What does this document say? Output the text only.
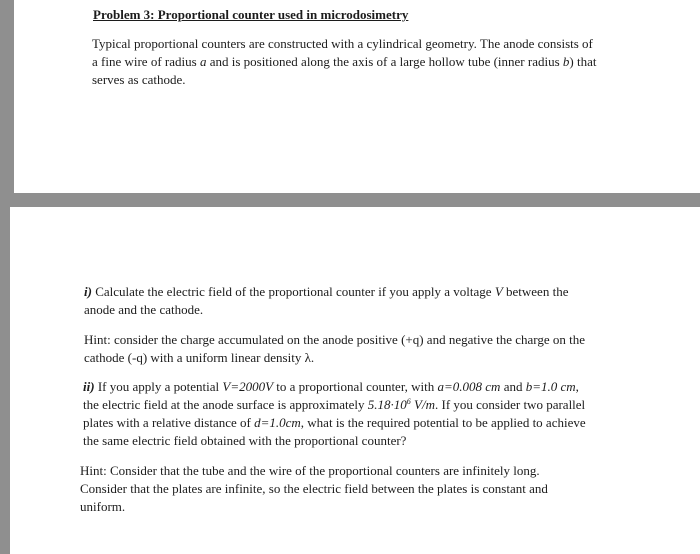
Problem 3: Proportional counter used in microdosimetry

Typical proportional counters are constructed with a cylindrical geometry. The anode consists of
a fine wire of radius a and is positioned along the axis of a large hollow tube (inner radius b) that
serves as cathode.

i) Calculate the electric field of the proportional counter if you apply a voltage V between the
anode and the cathode.

Hint: consider the charge accumulated on the anode positive (+q) and negative the charge on the
cathode (-q) with a uniform linear density λ.

ii) If you apply a potential V=2000V to a proportional counter, with a=0.008 cm and b=1.0 cm,
the electric field at the anode surface is approximately $5.18\cdot 10^6$ V/m. If you consider two parallel
plates with a relative distance of d=1.0cm, what is the required potential to be applied to achieve
the same electric field obtained with the proportional counter?

Hint: Consider that the tube and the wire of the proportional counters are infinitely long.
Consider that the plates are infinite, so the electric field between the plates is constant and
uniform.
